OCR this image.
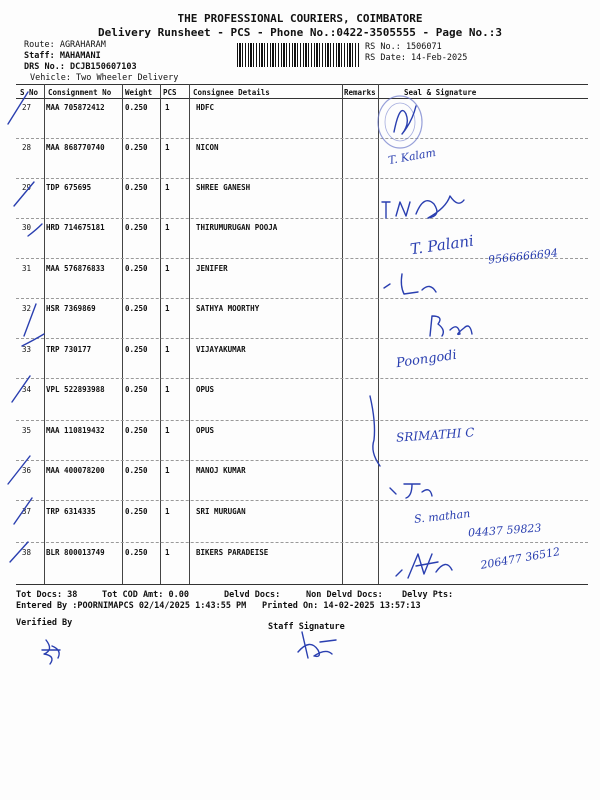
THE PROFESSIONAL COURIERS, COIMBATORE
Delivery Runsheet - PCS - Phone No.:0422-3505555 - Page No.:3
Route: AGRAHARAM
Staff: MAHAMANI
DRS No.: DCJB150607103
Vehicle: Two Wheeler Delivery
RS No.: 1506071
RS Date: 14-Feb-2025
S No Consignment No Weight PCS Consignee Details	Remarks	Seal & Signature
27 MAA 705872412	0.250 1	HDFC
28 MAA 868770740	0.250 1	NICON
29 TDP 675695	0.250 1	SHREE GANESH
30 HRD 714675181	0.250 1	THIRUMURUGAN POOJA
31 MAA 576876833	0.250 1	JENIFER
32 HSR 7369869	0.250 1	SATHYA MOORTHY
33 TRP 730177	0.250 1	VIJAYAKUMAR
34 VPL 522893988	0.250 1	OPUS
35 MAA 110819432	0.250 1	OPUS
36 MAA 400078200	0.250 1	MANOJ KUMAR
37 TRP 6314335	0.250 1	SRI MURUGAN
38 BLR 800013749	0.250 1	BIKERS PARADEISE
T. Kalam
T. Palani 9566666694
Poongodi
SRIMATHI C
S. mathan
04437 59823
206477 36512
Tot Docs: 38	Tot COD Amt: 0.00	Delvd Docs:	Non Delvd Docs: Delvy Pts:
Entered By :POORNIMAPCS 02/14/2025 1:43:55 PM Printed On: 14-02-2025 13:57:13
Verified By	Staff Signature
